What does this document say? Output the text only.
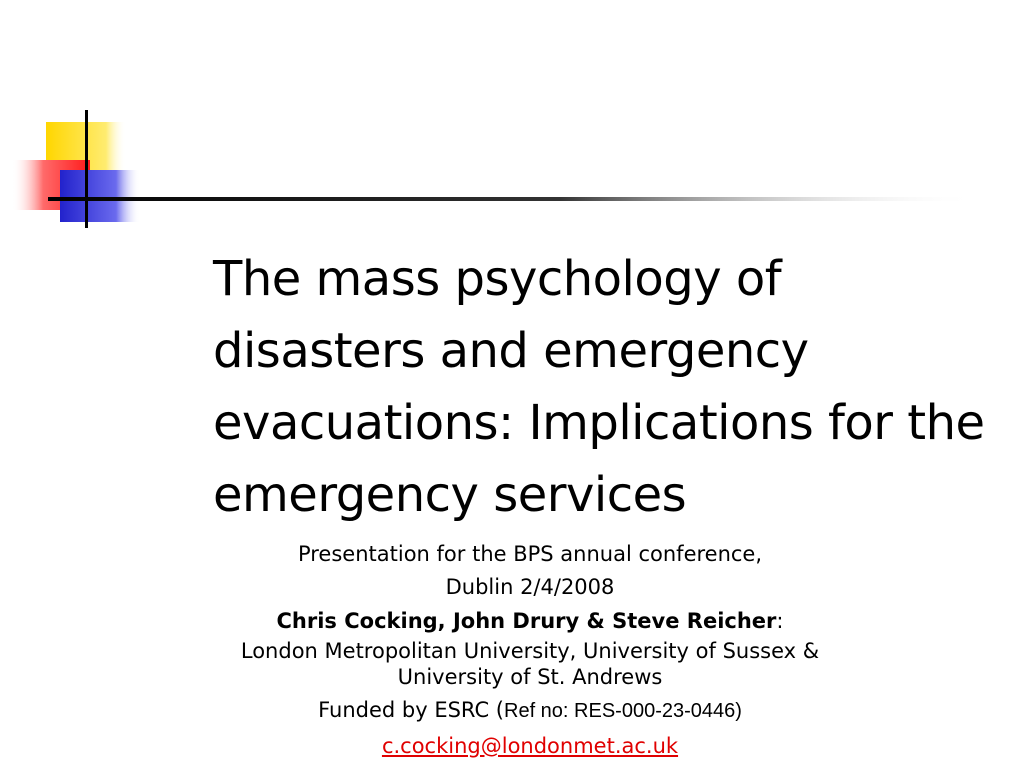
The mass psychology of disasters and emergency evacuations: Implications for the emergency services
Presentation for the BPS annual conference,
Dublin 2/4/2008
Chris Cocking, John Drury & Steve Reicher:
London Metropolitan University, University of Sussex &
University of St. Andrews
Funded by ESRC (Ref no: RES-000-23-0446)
c.cocking@londonmet.ac.uk
